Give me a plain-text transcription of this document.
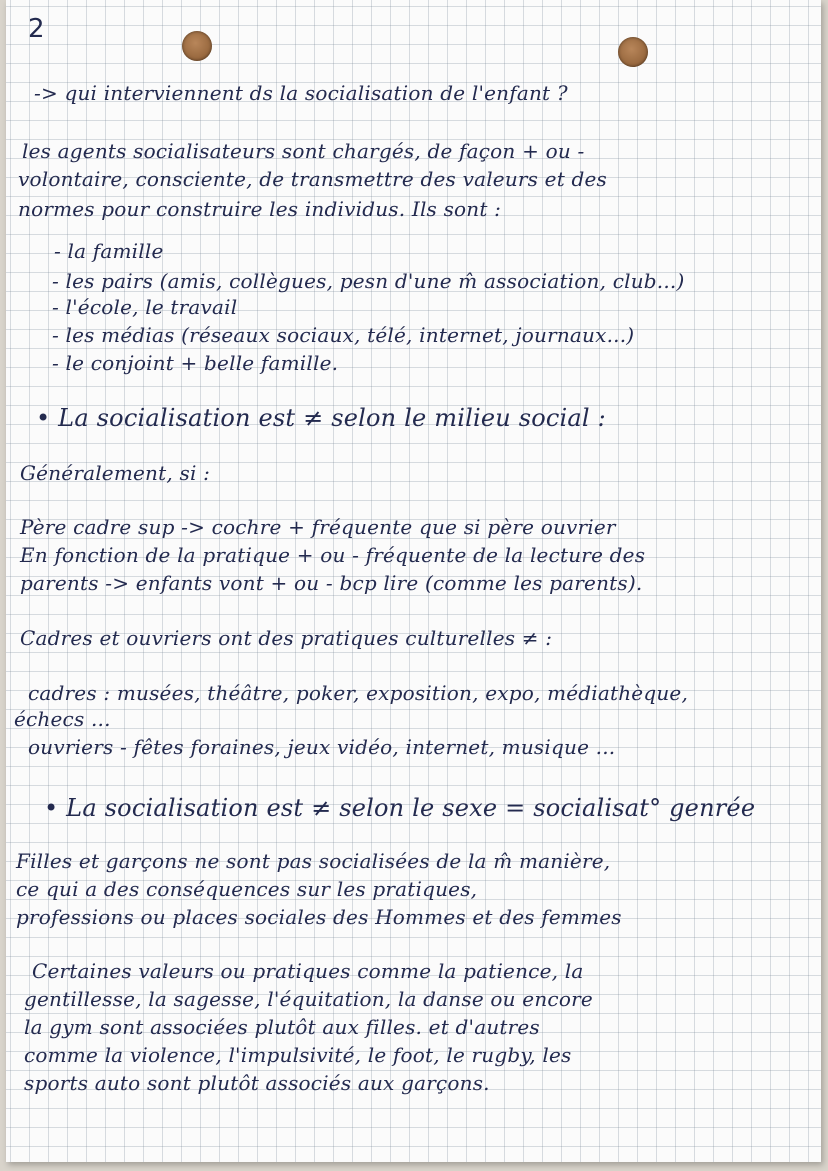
2
-> qui interviennent ds la socialisation de l'enfant ?
les agents socialisateurs sont chargés, de façon + ou -
volontaire, consciente, de transmettre des valeurs et des
normes pour construire les individus. Ils sont :
- la famille
- les pairs (amis, collègues, pesn d'une m̂ association, club...)
- l'école, le travail
- les médias (réseaux sociaux, télé, internet, journaux...)
- le conjoint + belle famille.
• La socialisation est ≠ selon le milieu social :
Généralement, si :
Père cadre sup -> cochre + fréquente que si père ouvrier
En fonction de la pratique + ou - fréquente de la lecture des
parents -> enfants vont + ou - bcp lire (comme les parents).
Cadres et ouvriers ont des pratiques culturelles ≠ :
cadres : musées, théâtre, poker, exposition, expo, médiathèque,
échecs ...
ouvriers - fêtes foraines, jeux vidéo, internet, musique ...
• La socialisation est ≠ selon le sexe = socialisat° genrée
Filles et garçons ne sont pas socialisées de la m̂ manière,
ce qui a des conséquences sur les pratiques,
professions ou places sociales des Hommes et des femmes
Certaines valeurs ou pratiques comme la patience, la
gentillesse, la sagesse, l'équitation, la danse ou encore
la gym sont associées plutôt aux filles. et d'autres
comme la violence, l'impulsivité, le foot, le rugby, les
sports auto sont plutôt associés aux garçons.
